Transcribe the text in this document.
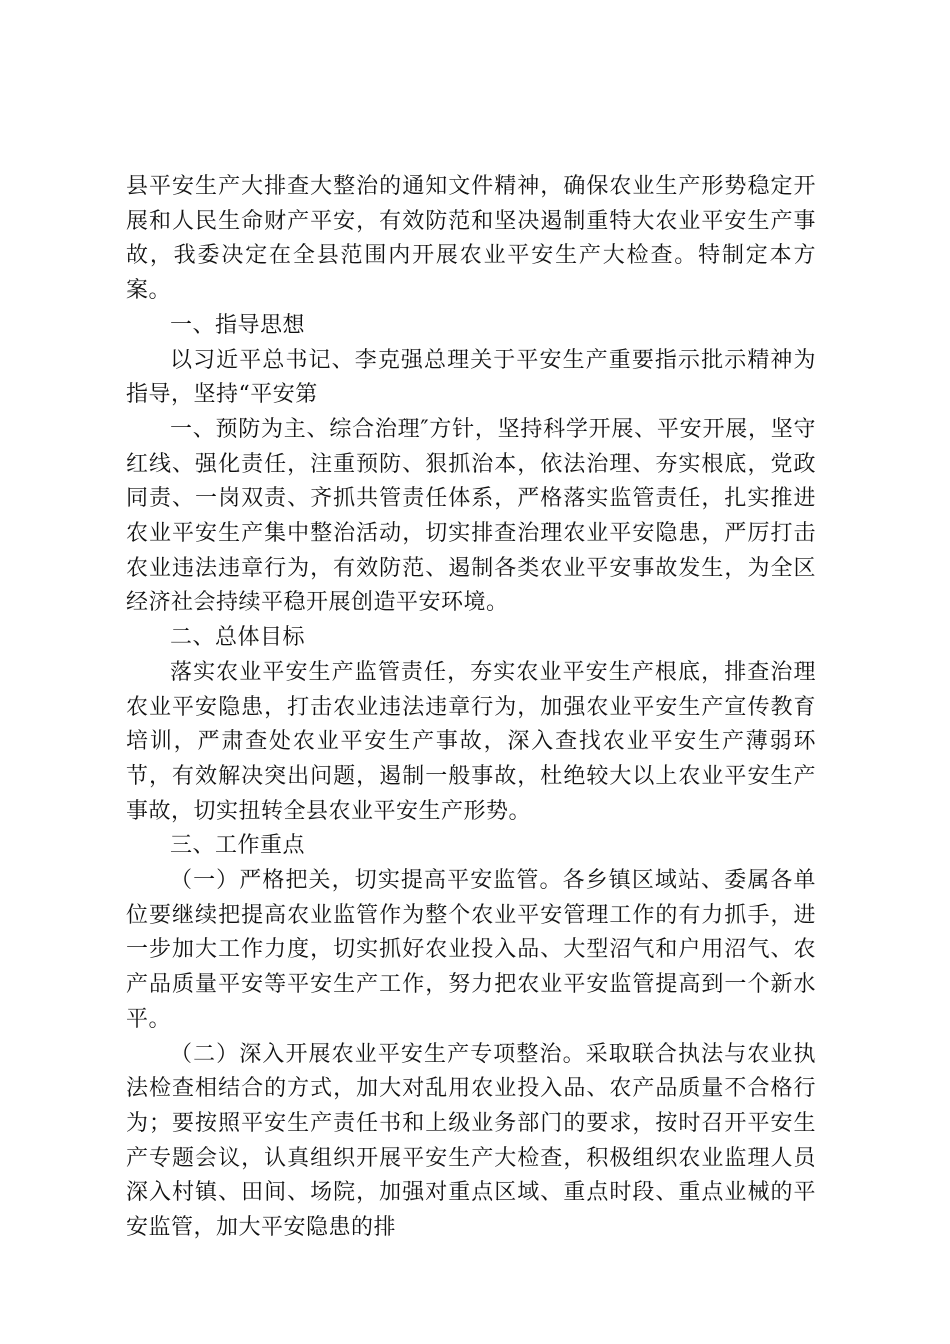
县平安生产大排查大整治的通知文件精神，确保农业生产形势稳定开展和人民生命财产平安，有效防范和坚决遏制重特大农业平安生产事故，我委决定在全县范围内开展农业平安生产大检查。特制定本方案。

一、指导思想

以习近平总书记、李克强总理关于平安生产重要指示批示精神为指导，坚持“平安第

一、预防为主、综合治理″方针，坚持科学开展、平安开展，坚守红线、强化责任，注重预防、狠抓治本，依法治理、夯实根底，党政同责、一岗双责、齐抓共管责任体系，严格落实监管责任，扎实推进农业平安生产集中整治活动，切实排查治理农业平安隐患，严厉打击农业违法违章行为，有效防范、遏制各类农业平安事故发生，为全区经济社会持续平稳开展创造平安环境。

二、总体目标

落实农业平安生产监管责任，夯实农业平安生产根底，排查治理农业平安隐患，打击农业违法违章行为，加强农业平安生产宣传教育培训，严肃查处农业平安生产事故，深入查找农业平安生产薄弱环节，有效解决突出问题，遏制一般事故，杜绝较大以上农业平安生产事故，切实扭转全县农业平安生产形势。

三、工作重点

（一）严格把关，切实提高平安监管。各乡镇区域站、委属各单位要继续把提高农业监管作为整个农业平安管理工作的有力抓手，进一步加大工作力度，切实抓好农业投入品、大型沼气和户用沼气、农产品质量平安等平安生产工作，努力把农业平安监管提高到一个新水平。

（二）深入开展农业平安生产专项整治。采取联合执法与农业执法检查相结合的方式，加大对乱用农业投入品、农产品质量不合格行为；要按照平安生产责任书和上级业务部门的要求，按时召开平安生产专题会议，认真组织开展平安生产大检查，积极组织农业监理人员深入村镇、田间、场院，加强对重点区域、重点时段、重点业械的平安监管，加大平安隐患的排
